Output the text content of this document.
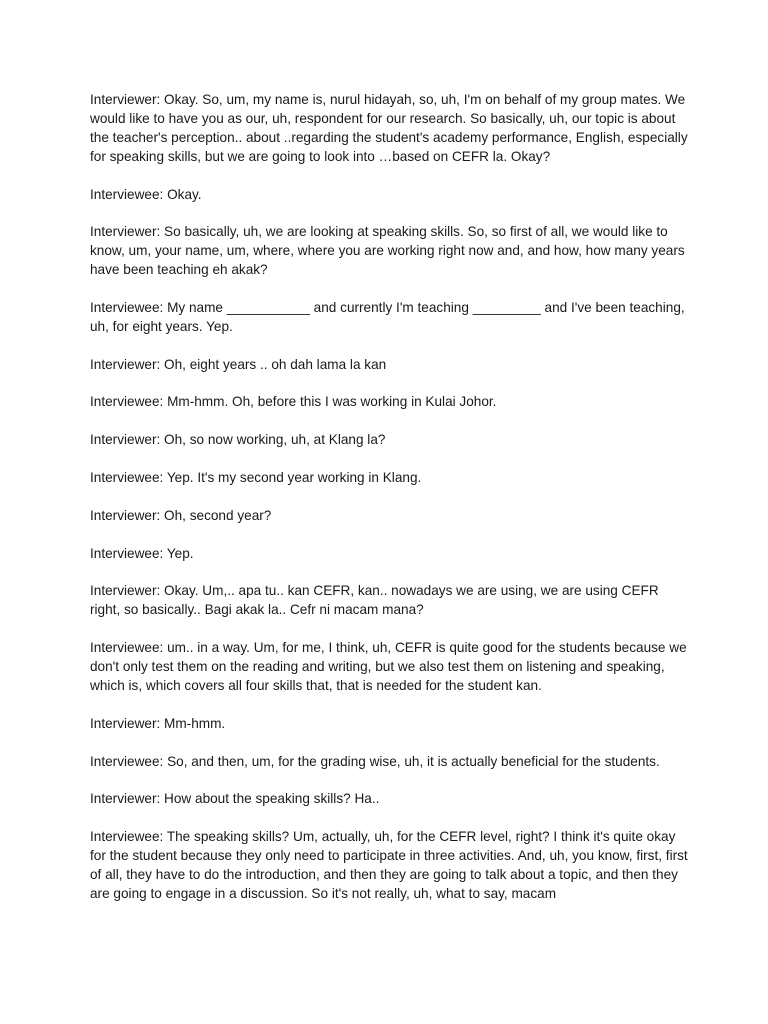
Interviewer: Okay. So, um, my name is, nurul hidayah, so, uh, I'm on behalf of my group mates. We would like to have you as our, uh, respondent for our research. So basically, uh, our topic is about the teacher's perception.. about ..regarding the student's academy performance, English, especially for speaking skills, but we are going to look into …based on CEFR la. Okay?

Interviewee: Okay.

Interviewer: So basically, uh, we are looking at speaking skills. So, so first of all, we would like to know, um, your name, um, where, where you are working right now and, and how, how many years have been teaching eh akak?

Interviewee: My name ___________ and currently I'm teaching _________ and I've been teaching, uh, for eight years. Yep.

Interviewer: Oh, eight years .. oh dah lama la kan

Interviewee: Mm-hmm. Oh, before this I was working in Kulai Johor.

Interviewer: Oh, so now working, uh, at Klang la?

Interviewee: Yep. It's my second year working in Klang.

Interviewer: Oh, second year?

Interviewee: Yep.

Interviewer: Okay. Um,.. apa tu.. kan CEFR, kan.. nowadays we are using, we are using CEFR right, so basically.. Bagi akak la.. Cefr ni macam mana?

Interviewee: um.. in a way. Um, for me, I think, uh, CEFR is quite good for the students because we don't only test them on the reading and writing, but we also test them on listening and speaking, which is, which covers all four skills that, that is needed for the student kan.

Interviewer: Mm-hmm.

Interviewee: So, and then, um, for the grading wise, uh, it is actually beneficial for the students.

Interviewer: How about the speaking skills? Ha..

Interviewee: The speaking skills? Um, actually, uh, for the CEFR level, right? I think it's quite okay for the student because they only need to participate in three activities. And, uh, you know, first, first of all, they have to do the introduction, and then they are going to talk about a topic, and then they are going to engage in a discussion. So it's not really, uh, what to say, macam
